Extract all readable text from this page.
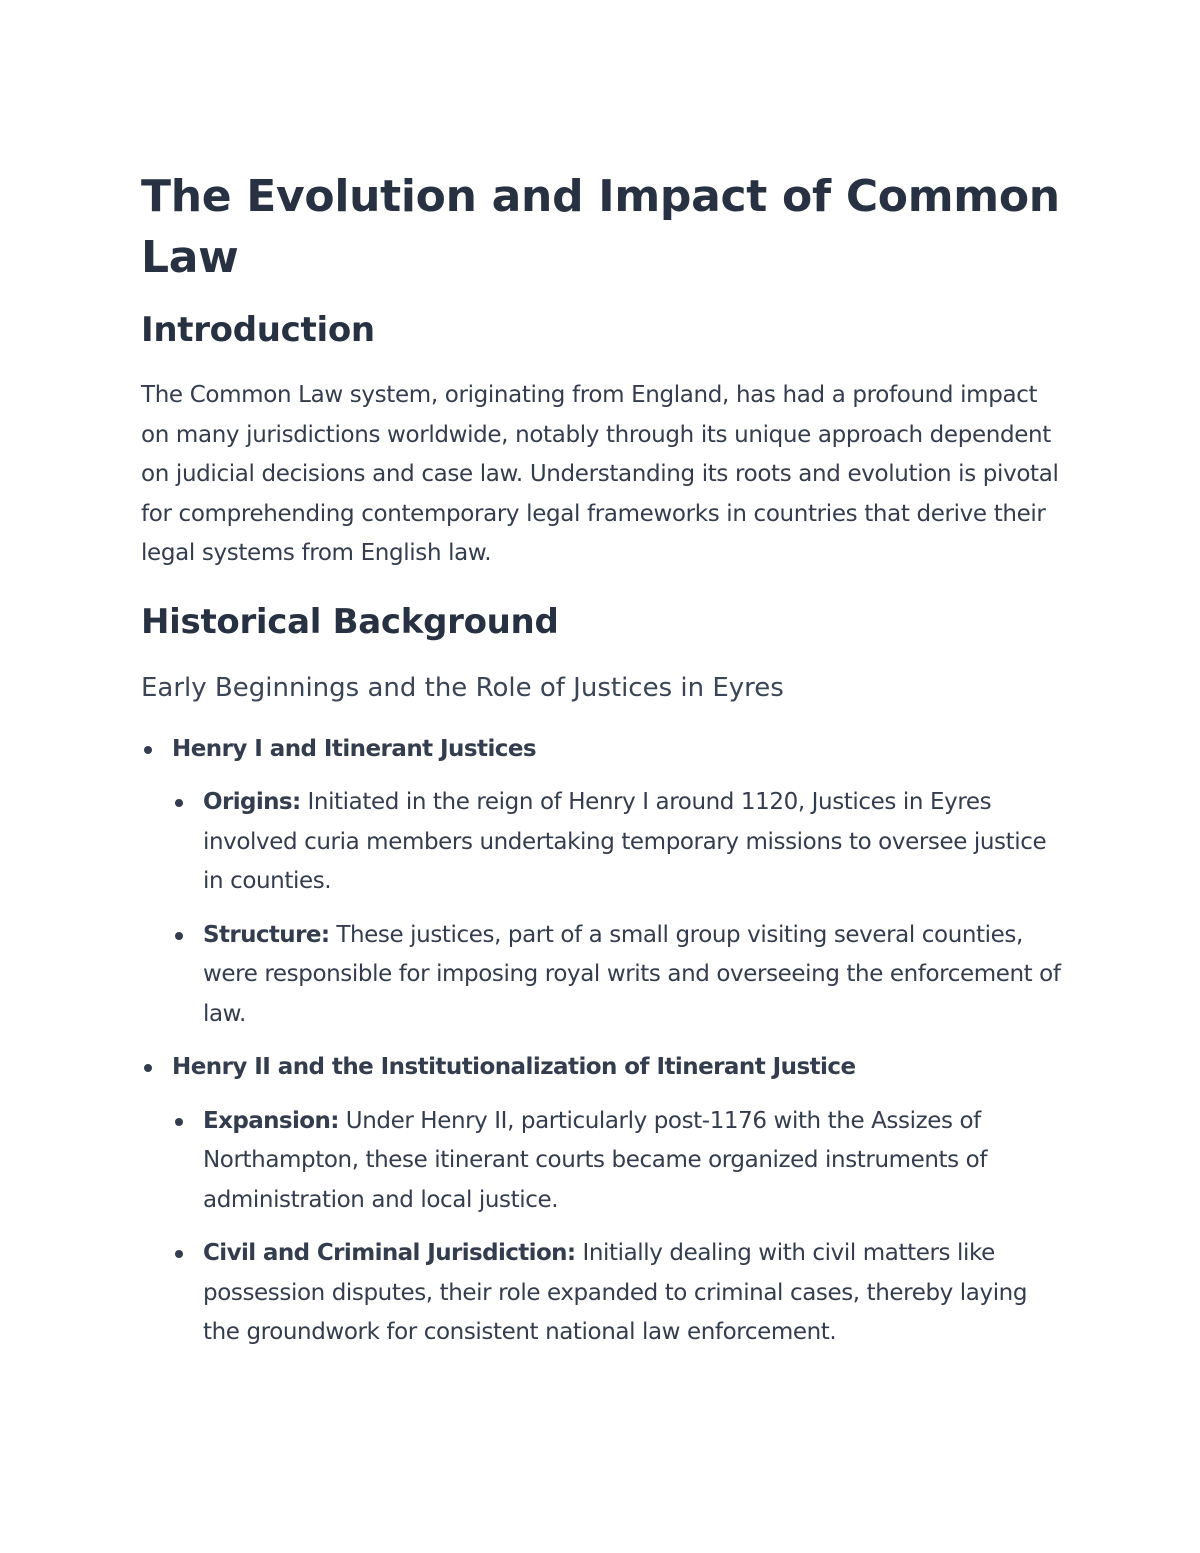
The Evolution and Impact of Common Law
Introduction

The Common Law system, originating from England, has had a profound impact on many jurisdictions worldwide, notably through its unique approach dependent on judicial decisions and case law. Understanding its roots and evolution is pivotal for comprehending contemporary legal frameworks in countries that derive their legal systems from English law.

Historical Background
Early Beginnings and the Role of Justices in Eyres
Henry I and Itinerant Justices
Origins: Initiated in the reign of Henry I around 1120, Justices in Eyres involved curia members undertaking temporary missions to oversee justice in counties.
Structure: These justices, part of a small group visiting several counties, were responsible for imposing royal writs and overseeing the enforcement of law.
Henry II and the Institutionalization of Itinerant Justice
Expansion: Under Henry II, particularly post-1176 with the Assizes of Northampton, these itinerant courts became organized instruments of administration and local justice.
Civil and Criminal Jurisdiction: Initially dealing with civil matters like possession disputes, their role expanded to criminal cases, thereby laying the groundwork for consistent national law enforcement.
